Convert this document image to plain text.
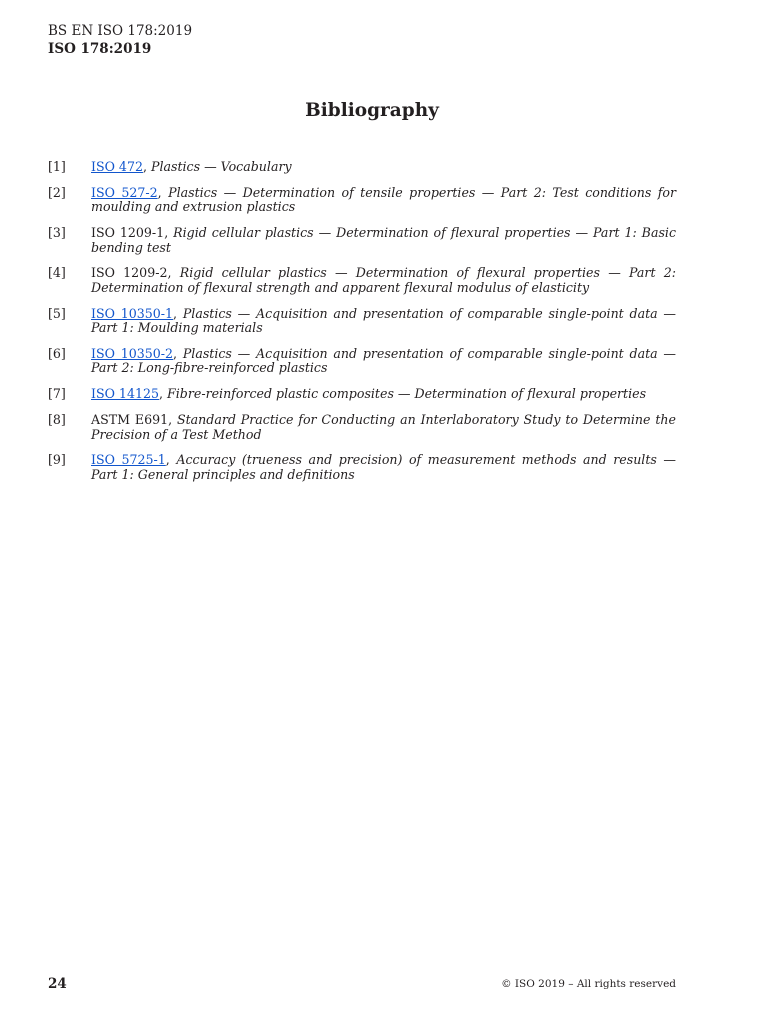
BS EN ISO 178:2019
ISO 178:2019
Bibliography
[1]	ISO 472, Plastics — Vocabulary
[2]	ISO 527-2, Plastics — Determination of tensile properties — Part 2: Test conditions for moulding and extrusion plastics
[3]	ISO 1209-1, Rigid cellular plastics — Determination of flexural properties — Part 1: Basic bending test
[4]	ISO 1209-2, Rigid cellular plastics — Determination of flexural properties — Part 2: Determination of flexural strength and apparent flexural modulus of elasticity
[5]	ISO 10350-1, Plastics — Acquisition and presentation of comparable single-point data — Part 1: Moulding materials
[6]	ISO 10350-2, Plastics — Acquisition and presentation of comparable single-point data — Part 2: Long-fibre-reinforced plastics
[7]	ISO 14125, Fibre-reinforced plastic composites — Determination of flexural properties
[8]	ASTM E691, Standard Practice for Conducting an Interlaboratory Study to Determine the Precision of a Test Method
[9]	ISO 5725-1, Accuracy (trueness and precision) of measurement methods and results — Part 1: General principles and definitions
24	© ISO 2019 – All rights reserved
